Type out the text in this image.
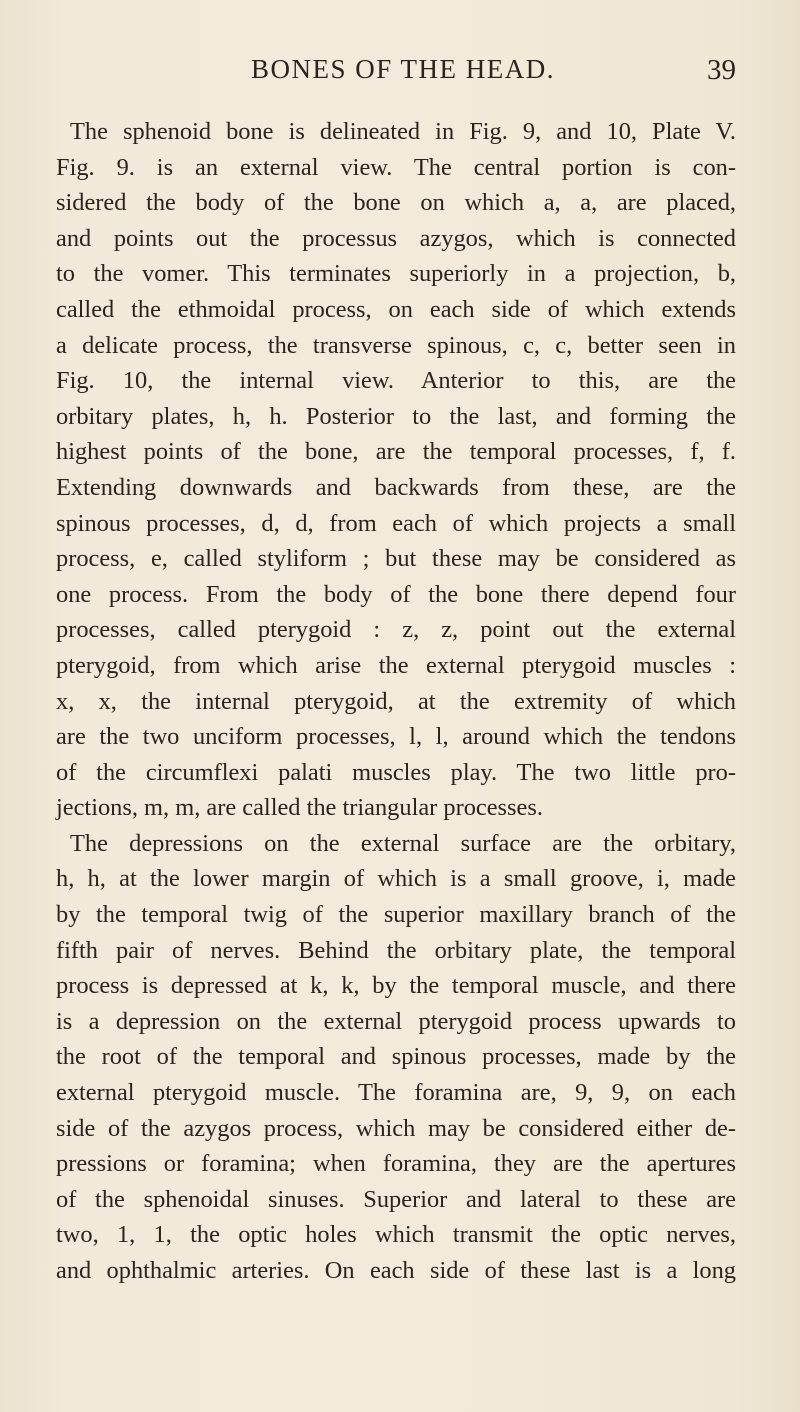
BONES OF THE HEAD.	39
The sphenoid bone is delineated in Fig. 9, and 10, Plate V.
Fig. 9. is an external view. The central portion is con-
sidered the body of the bone on which a, a, are placed,
and points out the processus azygos, which is connected
to the vomer. This terminates superiorly in a projection, b,
called the ethmoidal process, on each side of which extends
a delicate process, the transverse spinous, c, c, better seen in
Fig. 10, the internal view. Anterior to this, are the
orbitary plates, h, h. Posterior to the last, and forming the
highest points of the bone, are the temporal processes, f, f.
Extending downwards and backwards from these, are the
spinous processes, d, d, from each of which projects a small
process, e, called styliform ; but these may be considered as
one process. From the body of the bone there depend four
processes, called pterygoid : z, z, point out the external
pterygoid, from which arise the external pterygoid muscles :
x, x, the internal pterygoid, at the extremity of which
are the two unciform processes, l, l, around which the tendons
of the circumflexi palati muscles play. The two little pro-
jections, m, m, are called the triangular processes.
The depressions on the external surface are the orbitary,
h, h, at the lower margin of which is a small groove, i, made
by the temporal twig of the superior maxillary branch of the
fifth pair of nerves. Behind the orbitary plate, the temporal
process is depressed at k, k, by the temporal muscle, and there
is a depression on the external pterygoid process upwards to
the root of the temporal and spinous processes, made by the
external pterygoid muscle. The foramina are, 9, 9, on each
side of the azygos process, which may be considered either de-
pressions or foramina; when foramina, they are the apertures
of the sphenoidal sinuses. Superior and lateral to these are
two, 1, 1, the optic holes which transmit the optic nerves,
and ophthalmic arteries. On each side of these last is a long
